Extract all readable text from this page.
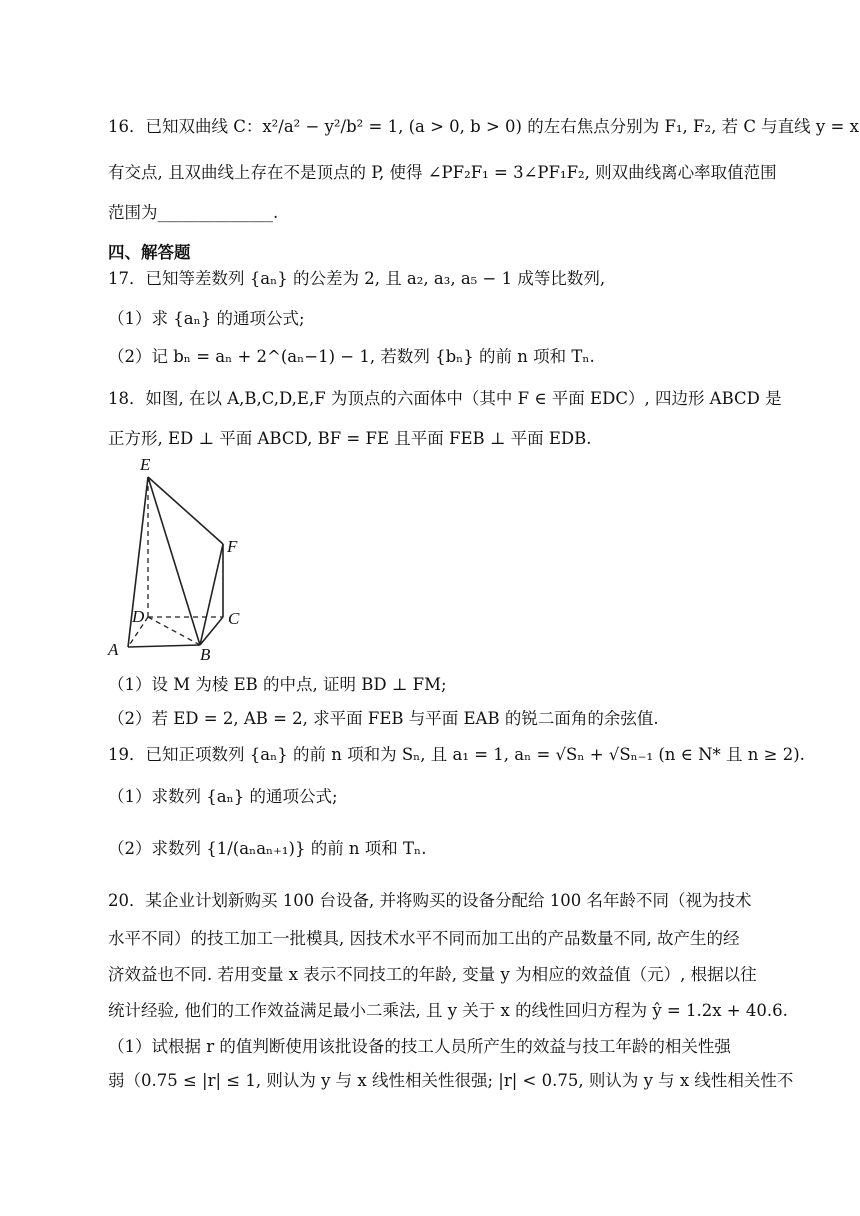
16．已知双曲线 C：x²/a² − y²/b² = 1, (a > 0, b > 0) 的左右焦点分别为 F₁, F₂, 若 C 与直线 y = x
有交点, 且双曲线上存在不是顶点的 P, 使得 ∠PF₂F₁ = 3∠PF₁F₂, 则双曲线离心率取值范围
范围为______________.
四、解答题
17．已知等差数列 {aₙ} 的公差为 2, 且 a₂, a₃, a₅ − 1 成等比数列,
（1）求 {aₙ} 的通项公式;
（2）记 bₙ = aₙ + 2^(aₙ−1) − 1, 若数列 {bₙ} 的前 n 项和 Tₙ.
18．如图, 在以 A,B,C,D,E,F 为顶点的六面体中（其中 F ∈ 平面 EDC）, 四边形 ABCD 是
正方形, ED ⊥ 平面 ABCD, BF = FE 且平面 FEB ⊥ 平面 EDB.
（1）设 M 为棱 EB 的中点, 证明 BD ⊥ FM;
（2）若 ED = 2, AB = 2, 求平面 FEB 与平面 EAB 的锐二面角的余弦值.
19．已知正项数列 {aₙ} 的前 n 项和为 Sₙ, 且 a₁ = 1, aₙ = √Sₙ + √Sₙ₋₁ (n ∈ N* 且 n ≥ 2).
（1）求数列 {aₙ} 的通项公式;
（2）求数列 {1/(aₙaₙ₊₁)} 的前 n 项和 Tₙ.
20．某企业计划新购买 100 台设备, 并将购买的设备分配给 100 名年龄不同（视为技术
水平不同）的技工加工一批模具, 因技术水平不同而加工出的产品数量不同, 故产生的经
济效益也不同. 若用变量 x 表示不同技工的年龄, 变量 y 为相应的效益值（元）, 根据以往
统计经验, 他们的工作效益满足最小二乘法, 且 y 关于 x 的线性回归方程为 ŷ = 1.2x + 40.6.
（1）试根据 r 的值判断使用该批设备的技工人员所产生的效益与技工年龄的相关性强
弱（0.75 ≤ |r| ≤ 1, 则认为 y 与 x 线性相关性很强; |r| < 0.75, 则认为 y 与 x 线性相关性不
E
F
D	C
A	B
